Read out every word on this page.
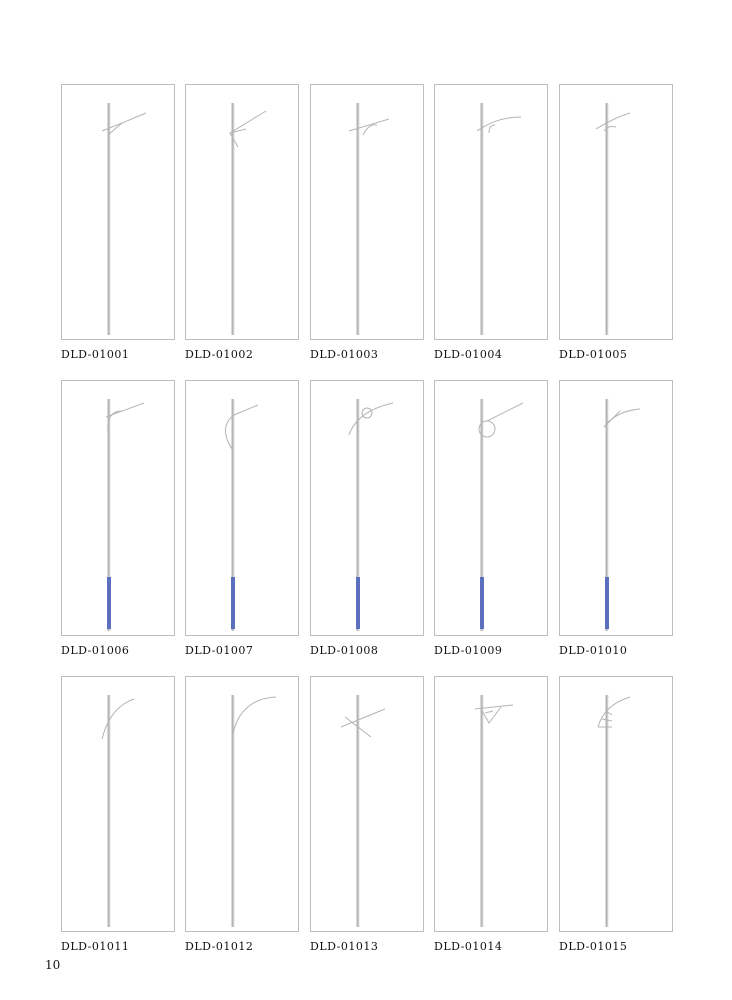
DLD-01001	DLD-01002	DLD-01003	DLD-01004	DLD-01005
DLD-01006	DLD-01007	DLD-01008	DLD-01009	DLD-01010
DLD-01011	DLD-01012	DLD-01013	DLD-01014	DLD-01015
10
